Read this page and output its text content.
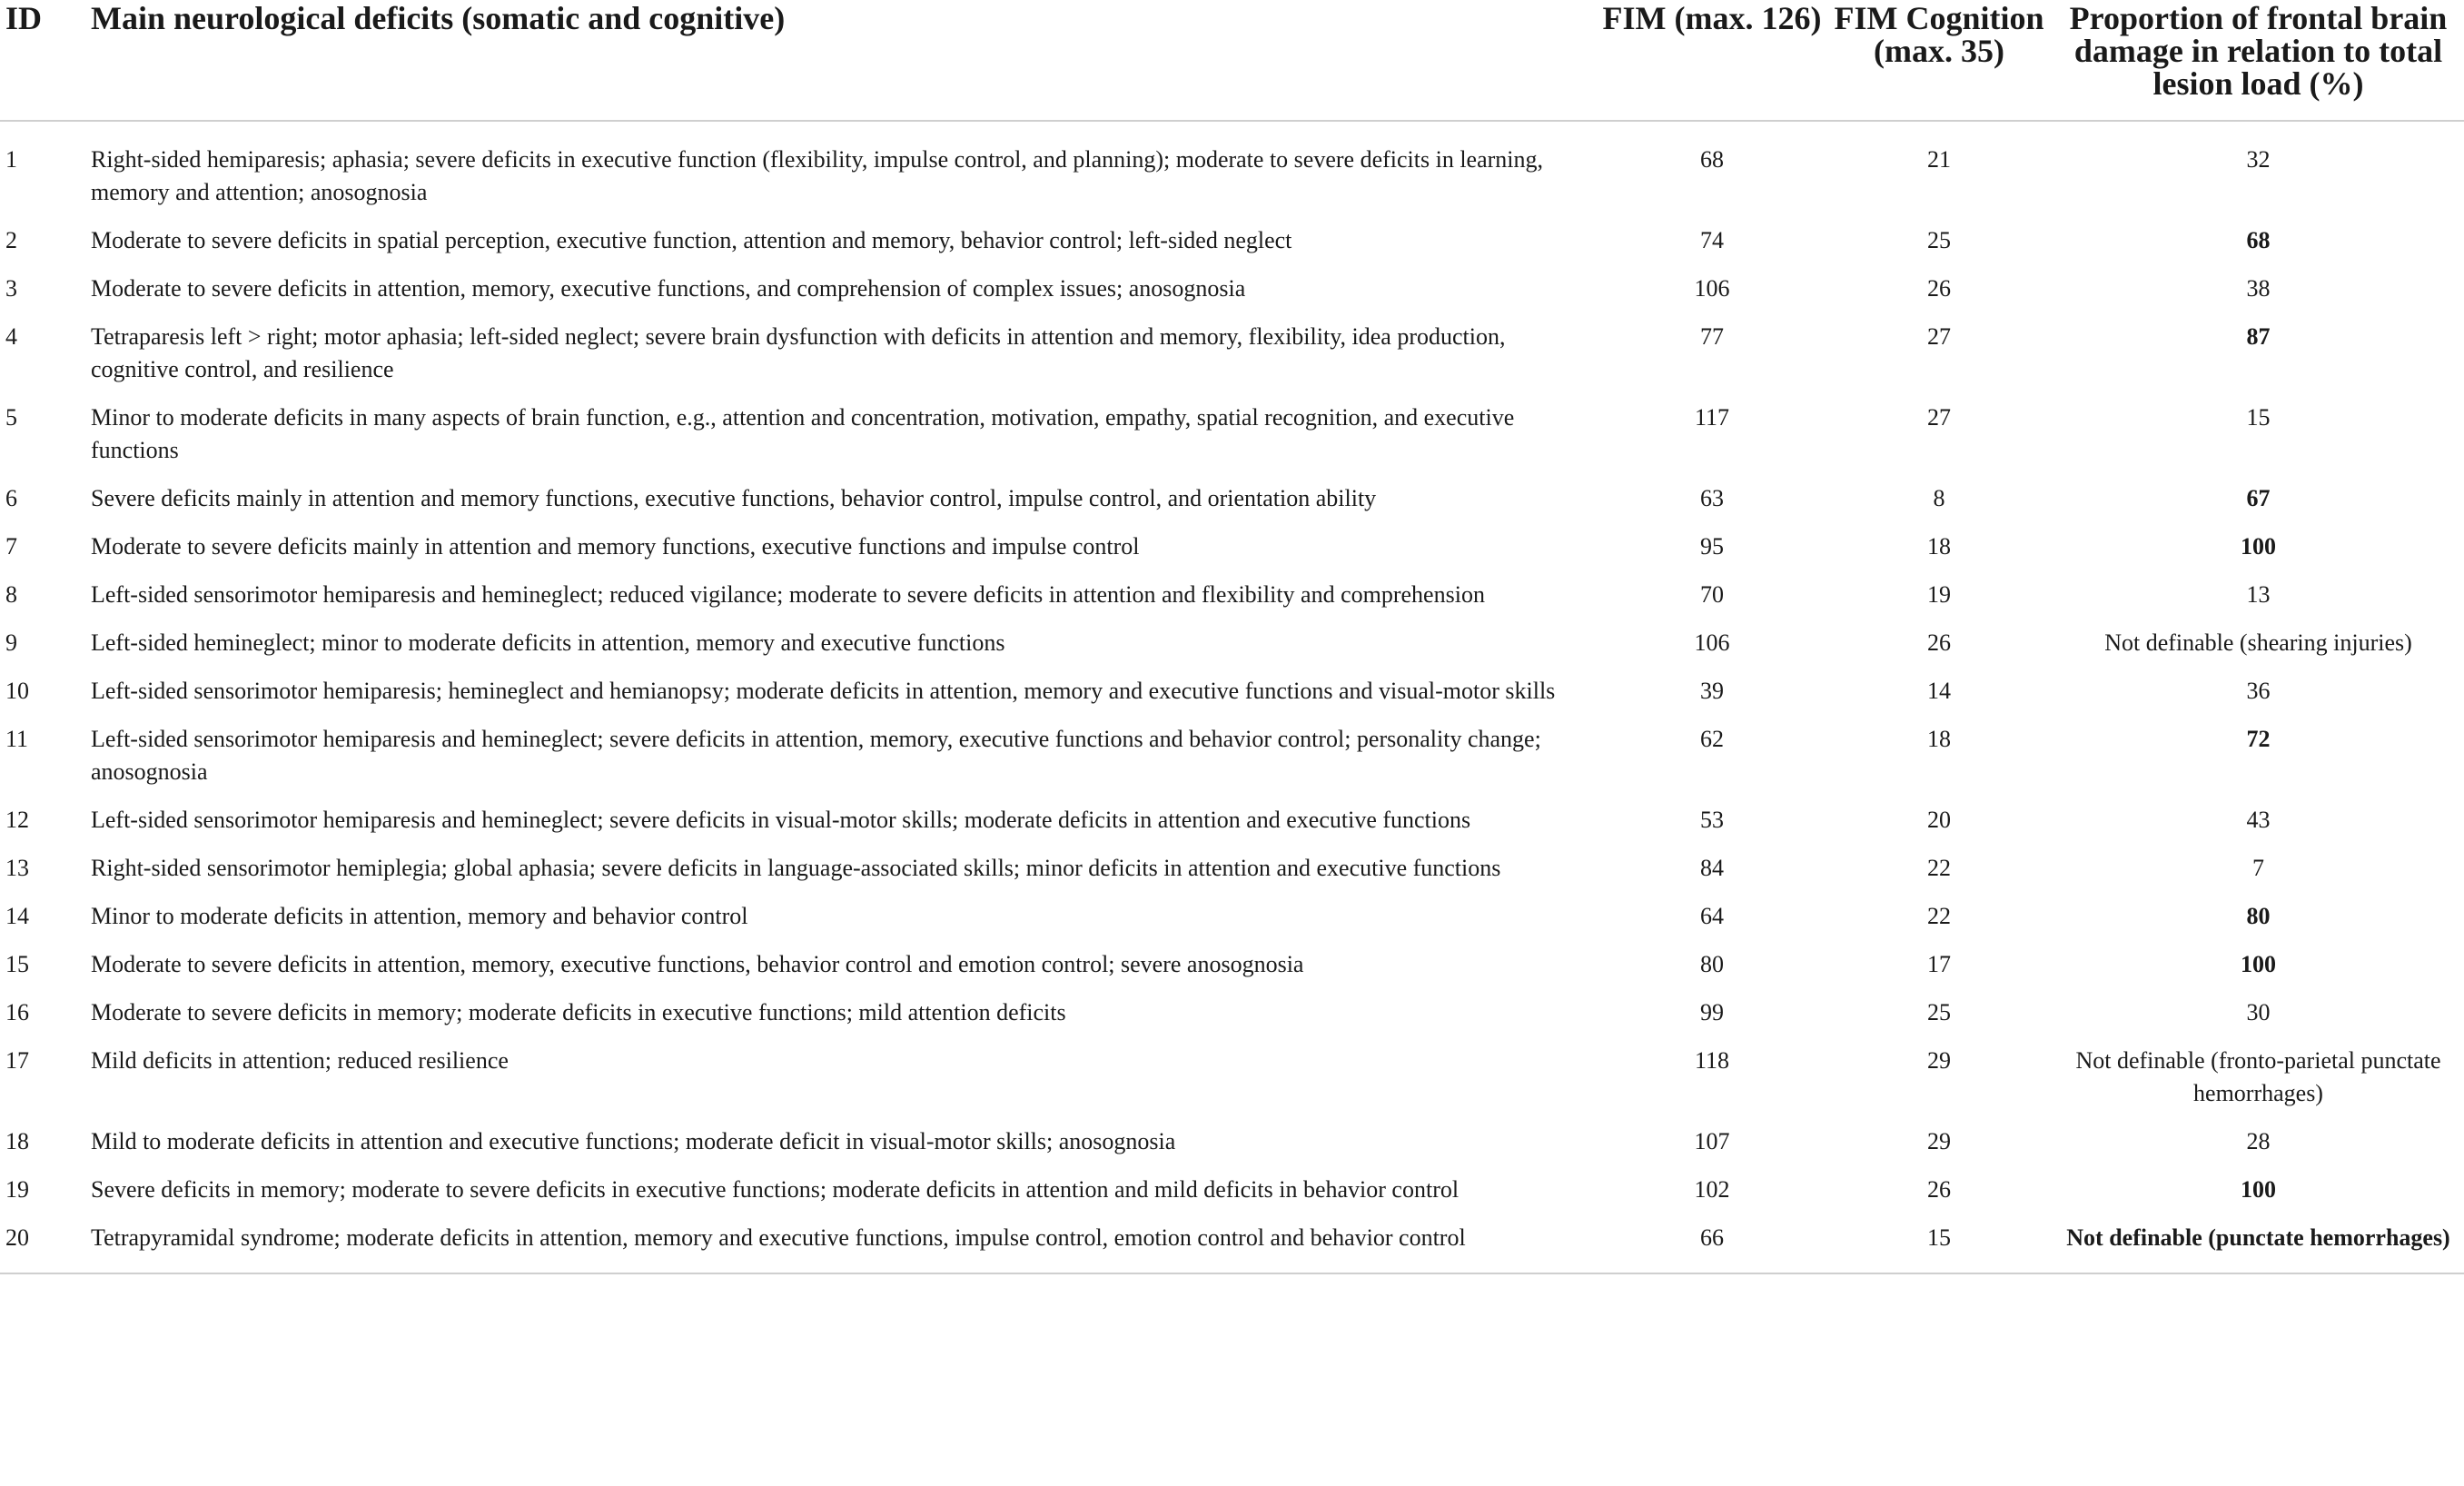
ID	Main neurological deficits (somatic and cognitive)	FIM (max. 126)	FIM Cognition (max. 35)	Proportion of frontal brain damage in relation to total lesion load (%)
1	Right-sided hemiparesis; aphasia; severe deficits in executive function (flexibility, impulse control, and planning); moderate to severe deficits in learning, memory and attention; anosognosia	68	21	32
2	Moderate to severe deficits in spatial perception, executive function, attention and memory, behavior control; left-sided neglect	74	25	68
3	Moderate to severe deficits in attention, memory, executive functions, and comprehension of complex issues; anosognosia	106	26	38
4	Tetraparesis left > right; motor aphasia; left-sided neglect; severe brain dysfunction with deficits in attention and memory, flexibility, idea production, cognitive control, and resilience	77	27	87
5	Minor to moderate deficits in many aspects of brain function, e.g., attention and concentration, motivation, empathy, spatial recognition, and executive functions	117	27	15
6	Severe deficits mainly in attention and memory functions, executive functions, behavior control, impulse control, and orientation ability	63	8	67
7	Moderate to severe deficits mainly in attention and memory functions, executive functions and impulse control	95	18	100
8	Left-sided sensorimotor hemiparesis and hemineglect; reduced vigilance; moderate to severe deficits in attention and flexibility and comprehension	70	19	13
9	Left-sided hemineglect; minor to moderate deficits in attention, memory and executive functions	106	26	Not definable (shearing injuries)
10	Left-sided sensorimotor hemiparesis; hemineglect and hemianopsy; moderate deficits in attention, memory and executive functions and visual-motor skills	39	14	36
11	Left-sided sensorimotor hemiparesis and hemineglect; severe deficits in attention, memory, executive functions and behavior control; personality change; anosognosia	62	18	72
12	Left-sided sensorimotor hemiparesis and hemineglect; severe deficits in visual-motor skills; moderate deficits in attention and executive functions	53	20	43
13	Right-sided sensorimotor hemiplegia; global aphasia; severe deficits in language-associated skills; minor deficits in attention and executive functions	84	22	7
14	Minor to moderate deficits in attention, memory and behavior control	64	22	80
15	Moderate to severe deficits in attention, memory, executive functions, behavior control and emotion control; severe anosognosia	80	17	100
16	Moderate to severe deficits in memory; moderate deficits in executive functions; mild attention deficits	99	25	30
17	Mild deficits in attention; reduced resilience	118	29	Not definable (fronto-parietal punctate hemorrhages)
18	Mild to moderate deficits in attention and executive functions; moderate deficit in visual-motor skills; anosognosia	107	29	28
19	Severe deficits in memory; moderate to severe deficits in executive functions; moderate deficits in attention and mild deficits in behavior control	102	26	100
20	Tetrapyramidal syndrome; moderate deficits in attention, memory and executive functions, impulse control, emotion control and behavior control	66	15	Not definable (punctate hemorrhages)
